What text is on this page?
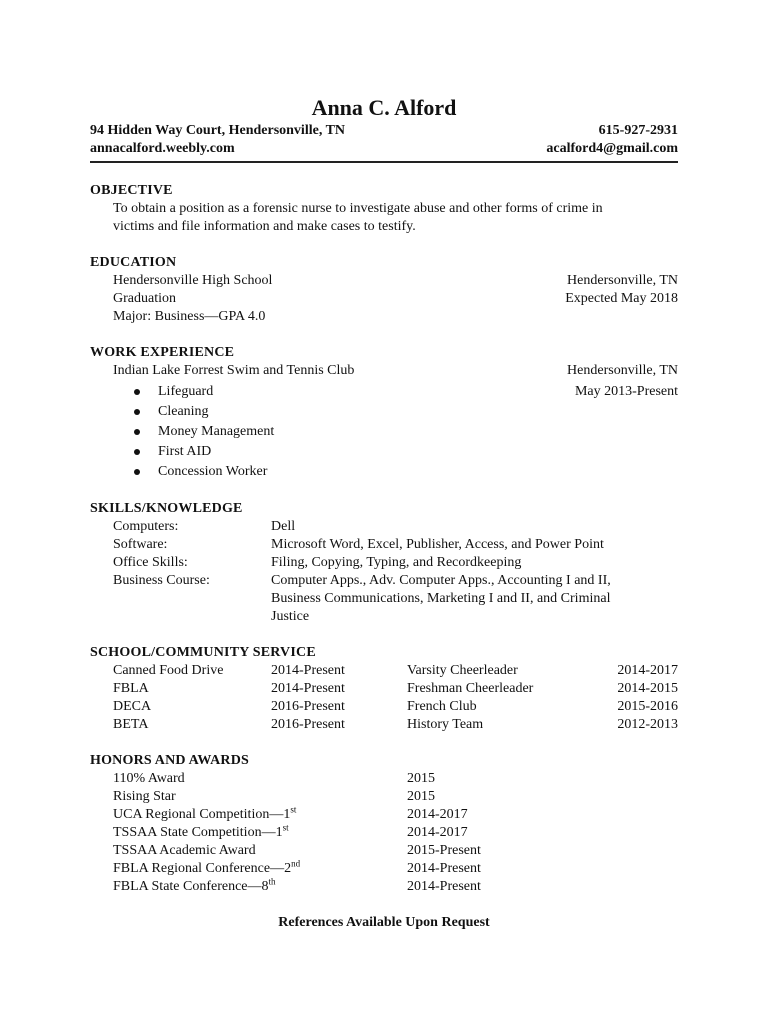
Anna C. Alford
94 Hidden Way Court, Hendersonville, TN	615-927-2931
annacalford.weebly.com	acalford4@gmail.com
OBJECTIVE
To obtain a position as a forensic nurse to investigate abuse and other forms of crime in
victims and file information and make cases to testify.
EDUCATION
Hendersonville High School	Hendersonville, TN
Graduation	Expected May 2018
Major: Business—GPA 4.0
WORK EXPERIENCE
Indian Lake Forrest Swim and Tennis Club	Hendersonville, TN
Lifeguard	May 2013-Present
Cleaning
Money Management
First AID
Concession Worker
SKILLS/KNOWLEDGE
Computers:	Dell
Software:	Microsoft Word, Excel, Publisher, Access, and Power Point
Office Skills:	Filing, Copying, Typing, and Recordkeeping
Business Course:	Computer Apps., Adv. Computer Apps., Accounting I and II, Business Communications, Marketing I and II, and Criminal Justice
SCHOOL/COMMUNITY SERVICE
Canned Food Drive	2014-Present	Varsity Cheerleader	2014-2017
FBLA	2014-Present	Freshman Cheerleader	2014-2015
DECA	2016-Present	French Club	2015-2016
BETA	2016-Present	History Team	2012-2013
HONORS AND AWARDS
110% Award	2015
Rising Star	2015
UCA Regional Competition—1st	2014-2017
TSSAA State Competition—1st	2014-2017
TSSAA Academic Award	2015-Present
FBLA Regional Conference—2nd	2014-Present
FBLA State Conference—8th	2014-Present
References Available Upon Request
